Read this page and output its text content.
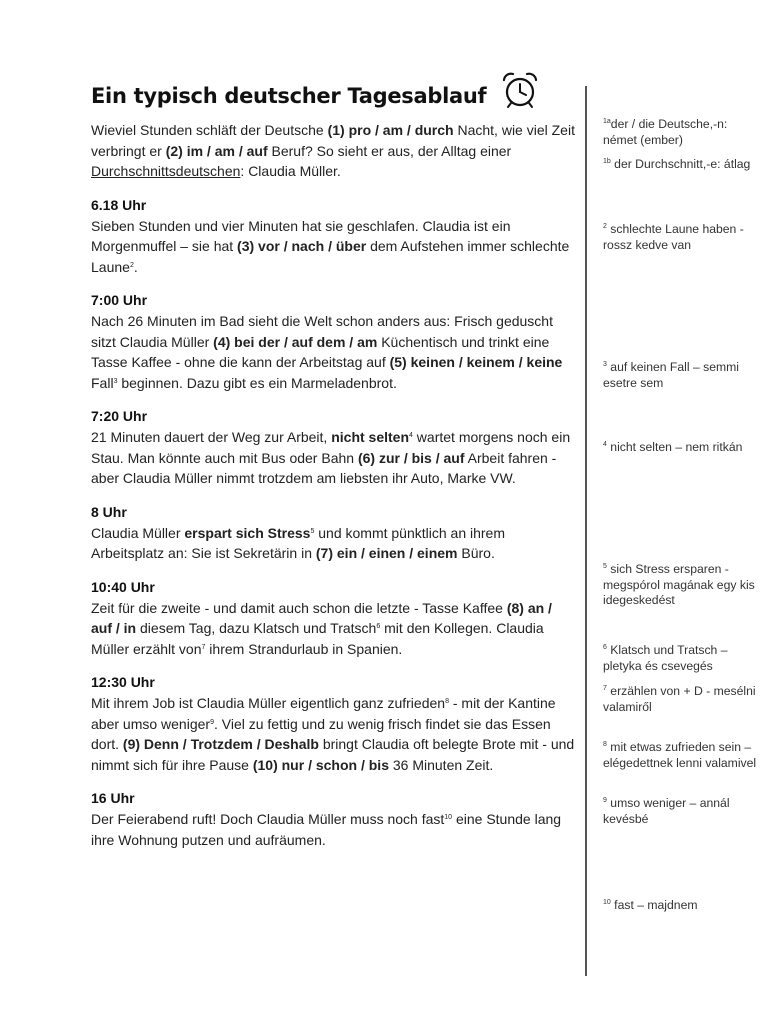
Ein typisch deutscher Tagesablauf

Wieviel Stunden schläft der Deutsche (1) pro / am / durch Nacht, wie viel Zeit verbringt er (2) im / am / auf Beruf? So sieht er aus, der Alltag einer Durchschnittsdeutschen: Claudia Müller.

6.18 Uhr

Sieben Stunden und vier Minuten hat sie geschlafen. Claudia ist ein Morgenmuffel – sie hat (3) vor / nach / über dem Aufstehen immer schlechte Laune$^2$.

7:00 Uhr

Nach 26 Minuten im Bad sieht die Welt schon anders aus: Frisch geduscht sitzt Claudia Müller (4) bei der / auf dem / am Küchentisch und trinkt eine Tasse Kaffee - ohne die kann der Arbeitstag auf (5) keinen / keinem / keine Fall$^3$ beginnen. Dazu gibt es ein Marmeladenbrot.

7:20 Uhr

21 Minuten dauert der Weg zur Arbeit, nicht selten$^4$ wartet morgens noch ein Stau. Man könnte auch mit Bus oder Bahn (6) zur / bis / auf Arbeit fahren - aber Claudia Müller nimmt trotzdem am liebsten ihr Auto, Marke VW.

8 Uhr

Claudia Müller erspart sich Stress$^5$ und kommt pünktlich an ihrem Arbeitsplatz an: Sie ist Sekretärin in (7) ein / einen / einem Büro.

10:40 Uhr

Zeit für die zweite - und damit auch schon die letzte - Tasse Kaffee (8) an / auf / in diesem Tag, dazu Klatsch und Tratsch$^6$ mit den Kollegen. Claudia Müller erzählt von$^7$ ihrem Strandurlaub in Spanien.

12:30 Uhr

Mit ihrem Job ist Claudia Müller eigentlich ganz zufrieden$^8$ - mit der Kantine aber umso weniger$^9$. Viel zu fettig und zu wenig frisch findet sie das Essen dort. (9) Denn / Trotzdem / Deshalb bringt Claudia oft belegte Brote mit - und nimmt sich für ihre Pause (10) nur / schon / bis 36 Minuten Zeit.

16 Uhr

Der Feierabend ruft! Doch Claudia Müller muss noch fast$^{10}$ eine Stunde lang ihre Wohnung putzen und aufräumen.

$^{1a}$der / die Deutsche,-n: német (ember)
$^{1b}$ der Durchschnitt,-e: átlag
$^2$ schlechte Laune haben - rossz kedve van
$^3$ auf keinen Fall – semmi esetre sem
$^4$ nicht selten – nem ritkán
$^5$ sich Stress ersparen - megspórol magának egy kis idegeskedést
$^6$ Klatsch und Tratsch – pletyka és csevegés
$^7$ erzählen von + D - mesélni valamiről
$^8$ mit etwas zufrieden sein – elégedettnek lenni valamivel
$^9$ umso weniger – annál kevésbé
$^{10}$ fast – majdnem
